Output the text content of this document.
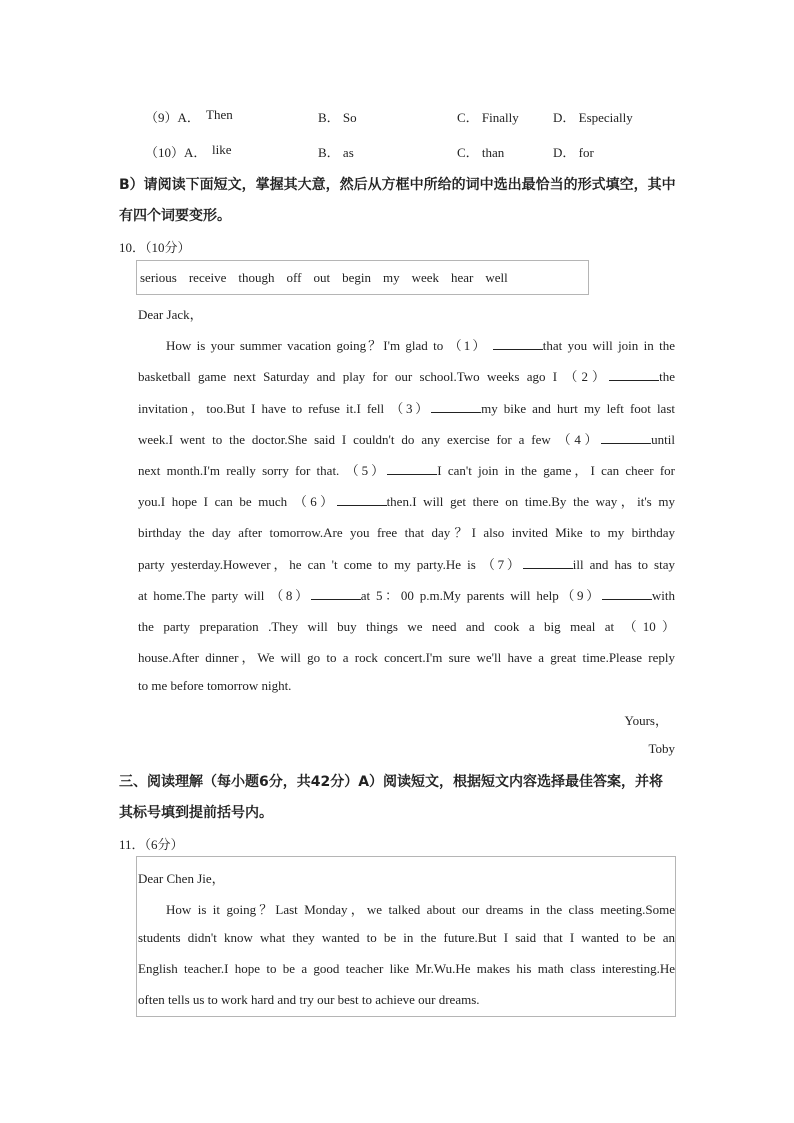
（9）A． Then	B． So	C． Finally	D． Especially
（10）A． like	B． as	C． than	D． for
B）请阅读下面短文，掌握其大意，然后从方框中所给的词中选出最恰当的形式填空，其中
有四个词要变形。
10．（10分）
serious receive though off out begin my week hear well
Dear Jack，
How is your summer vacation going？I'm glad to （1）	that you will join in the
basketball game next Saturday and play for our school.Two weeks ago I （2）	the
invitation，too.But I have to refuse it.I fell （3）	my bike and hurt my left foot last
week.I went to the doctor.She said I couldn't do any exercise for a few （4）	until
next month.I'm really sorry for that. （5）	I can't join in the game，I can cheer for
you.I hope I can be much （6）	then.I will get there on time.By the way，it's my
birthday the day after tomorrow.Are you free that day？I also invited Mike to my birthday
party yesterday.However，he can 't come to my party.He is （7）	ill and has to stay
at home.The party will （8）	at 5：00 p.m.My parents will help（9）	with
the party preparation .They will buy things we need and cook a big meal at （10）
house.After dinner，We will go to a rock concert.I'm sure we'll have a great time.Please reply
to me before tomorrow night.
Yours，
Toby
三、阅读理解（每小题6分，共42分）A）阅读短文，根据短文内容选择最佳答案，并将
其标号填到提前括号内。
11．（6分）
Dear Chen Jie，
How is it going？Last Monday，we talked about our dreams in the class meeting.Some
students didn't know what they wanted to be in the future.But I said that I wanted to be an
English teacher.I hope to be a good teacher like Mr.Wu.He makes his math class interesting.He
often tells us to work hard and try our best to achieve our dreams.
